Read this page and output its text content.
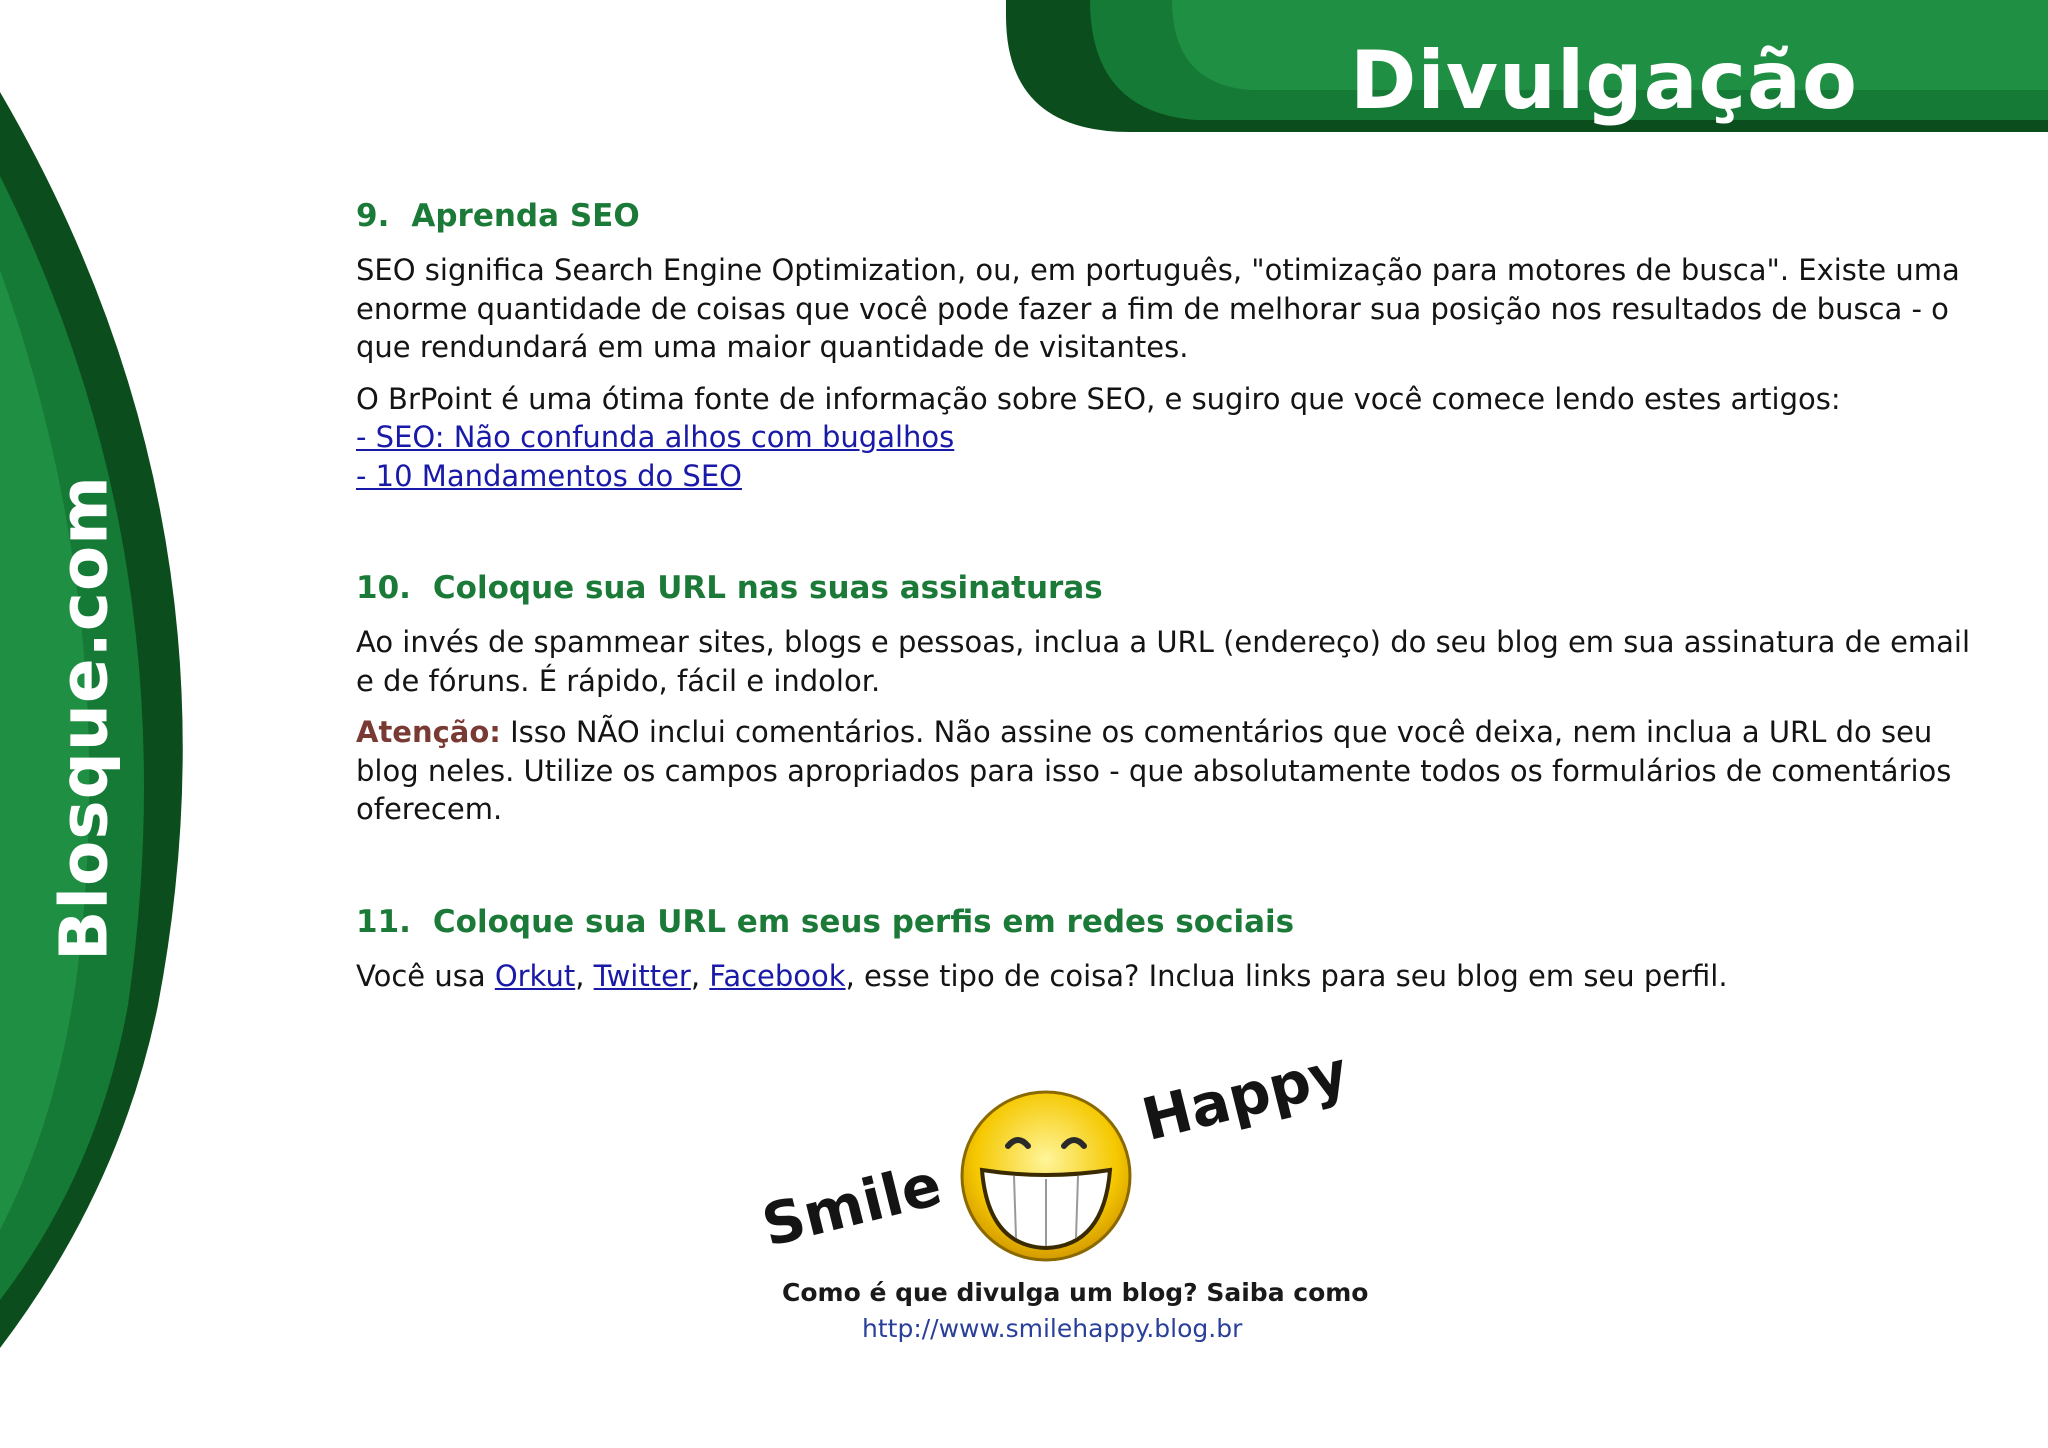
Blosque.com
Divulgação
9. Aprenda SEO

SEO significa Search Engine Optimization, ou, em português, "otimização para motores de busca". Existe uma enorme quantidade de coisas que você pode fazer a fim de melhorar sua posição nos resultados de busca - o que rendundará em uma maior quantidade de visitantes.

O BrPoint é uma ótima fonte de informação sobre SEO, e sugiro que você comece lendo estes artigos:
- SEO: Não confunda alhos com bugalhos
- 10 Mandamentos do SEO

10. Coloque sua URL nas suas assinaturas

Ao invés de spammear sites, blogs e pessoas, inclua a URL (endereço) do seu blog em sua assinatura de email e de fóruns. É rápido, fácil e indolor.

Atenção: Isso NÃO inclui comentários. Não assine os comentários que você deixa, nem inclua a URL do seu blog neles. Utilize os campos apropriados para isso - que absolutamente todos os formulários de comentários oferecem.

11. Coloque sua URL em seus perfis em redes sociais

Você usa Orkut, Twitter, Facebook, esse tipo de coisa? Inclua links para seu blog em seu perfil.

Smile
Happy
Como é que divulga um blog? Saiba como
http://www.smilehappy.blog.br
